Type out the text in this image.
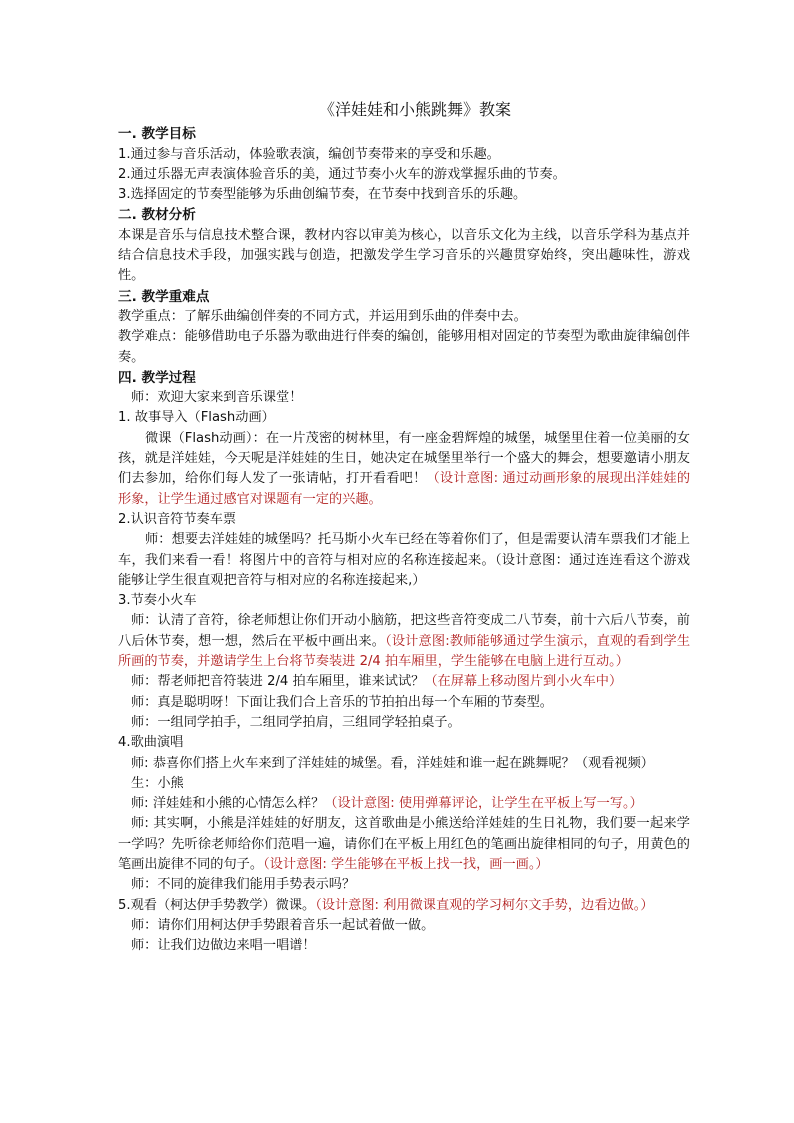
《洋娃娃和小熊跳舞》教案

一. 教学目标

1.通过参与音乐活动，体验歌表演，编创节奏带来的享受和乐趣。

2.通过乐器无声表演体验音乐的美，通过节奏小火车的游戏掌握乐曲的节奏。

3.选择固定的节奏型能够为乐曲创编节奏，在节奏中找到音乐的乐趣。

二. 教材分析

本课是音乐与信息技术整合课，教材内容以审美为核心，以音乐文化为主线，以音乐学科为基点并结合信息技术手段，加强实践与创造，把激发学生学习音乐的兴趣贯穿始终，突出趣味性，游戏性。

三. 教学重难点

教学重点：了解乐曲编创伴奏的不同方式，并运用到乐曲的伴奏中去。

教学难点：能够借助电子乐器为歌曲进行伴奏的编创，能够用相对固定的节奏型为歌曲旋律编创伴奏。

四. 教学过程

师：欢迎大家来到音乐课堂！

1. 故事导入（Flash动画）

微课（Flash动画）：在一片茂密的树林里，有一座金碧辉煌的城堡，城堡里住着一位美丽的女孩，就是洋娃娃，今天呢是洋娃娃的生日，她决定在城堡里举行一个盛大的舞会，想要邀请小朋友们去参加，给你们每人发了一张请帖，打开看看吧！（设计意图: 通过动画形象的展现出洋娃娃的形象，让学生通过感官对课题有一定的兴趣。

2.认识音符节奏车票

师：想要去洋娃娃的城堡吗？托马斯小火车已经在等着你们了，但是需要认清车票我们才能上车，我们来看一看！将图片中的音符与相对应的名称连接起来。（设计意图：通过连连看这个游戏能够让学生很直观把音符与相对应的名称连接起来,）

3.节奏小火车

师：认清了音符，徐老师想让你们开动小脑筋，把这些音符变成二八节奏，前十六后八节奏，前八后休节奏，想一想，然后在平板中画出来。（设计意图:教师能够通过学生演示，直观的看到学生所画的节奏，并邀请学生上台将节奏装进 2/4 拍车厢里，学生能够在电脑上进行互动。）

师：帮老师把音符装进 2/4 拍车厢里，谁来试试？（在屏幕上移动图片到小火车中）

师：真是聪明呀！下面让我们合上音乐的节拍拍出每一个车厢的节奏型。

师：一组同学拍手，二组同学拍肩，三组同学轻拍桌子。

4.歌曲演唱

师: 恭喜你们搭上火车来到了洋娃娃的城堡。看，洋娃娃和谁一起在跳舞呢？（观看视频）

生：小熊

师: 洋娃娃和小熊的心情怎么样？（设计意图: 使用弹幕评论，让学生在平板上写一写。）

师: 其实啊，小熊是洋娃娃的好朋友，这首歌曲是小熊送给洋娃娃的生日礼物，我们要一起来学一学吗？先听徐老师给你们范唱一遍，请你们在平板上用红色的笔画出旋律相同的句子，用黄色的笔画出旋律不同的句子。（设计意图: 学生能够在平板上找一找，画一画。）

师：不同的旋律我们能用手势表示吗？

5.观看（柯达伊手势教学）微课。（设计意图: 利用微课直观的学习柯尔文手势，边看边做。）

师：请你们用柯达伊手势跟着音乐一起试着做一做。

师：让我们边做边来唱一唱谱！
